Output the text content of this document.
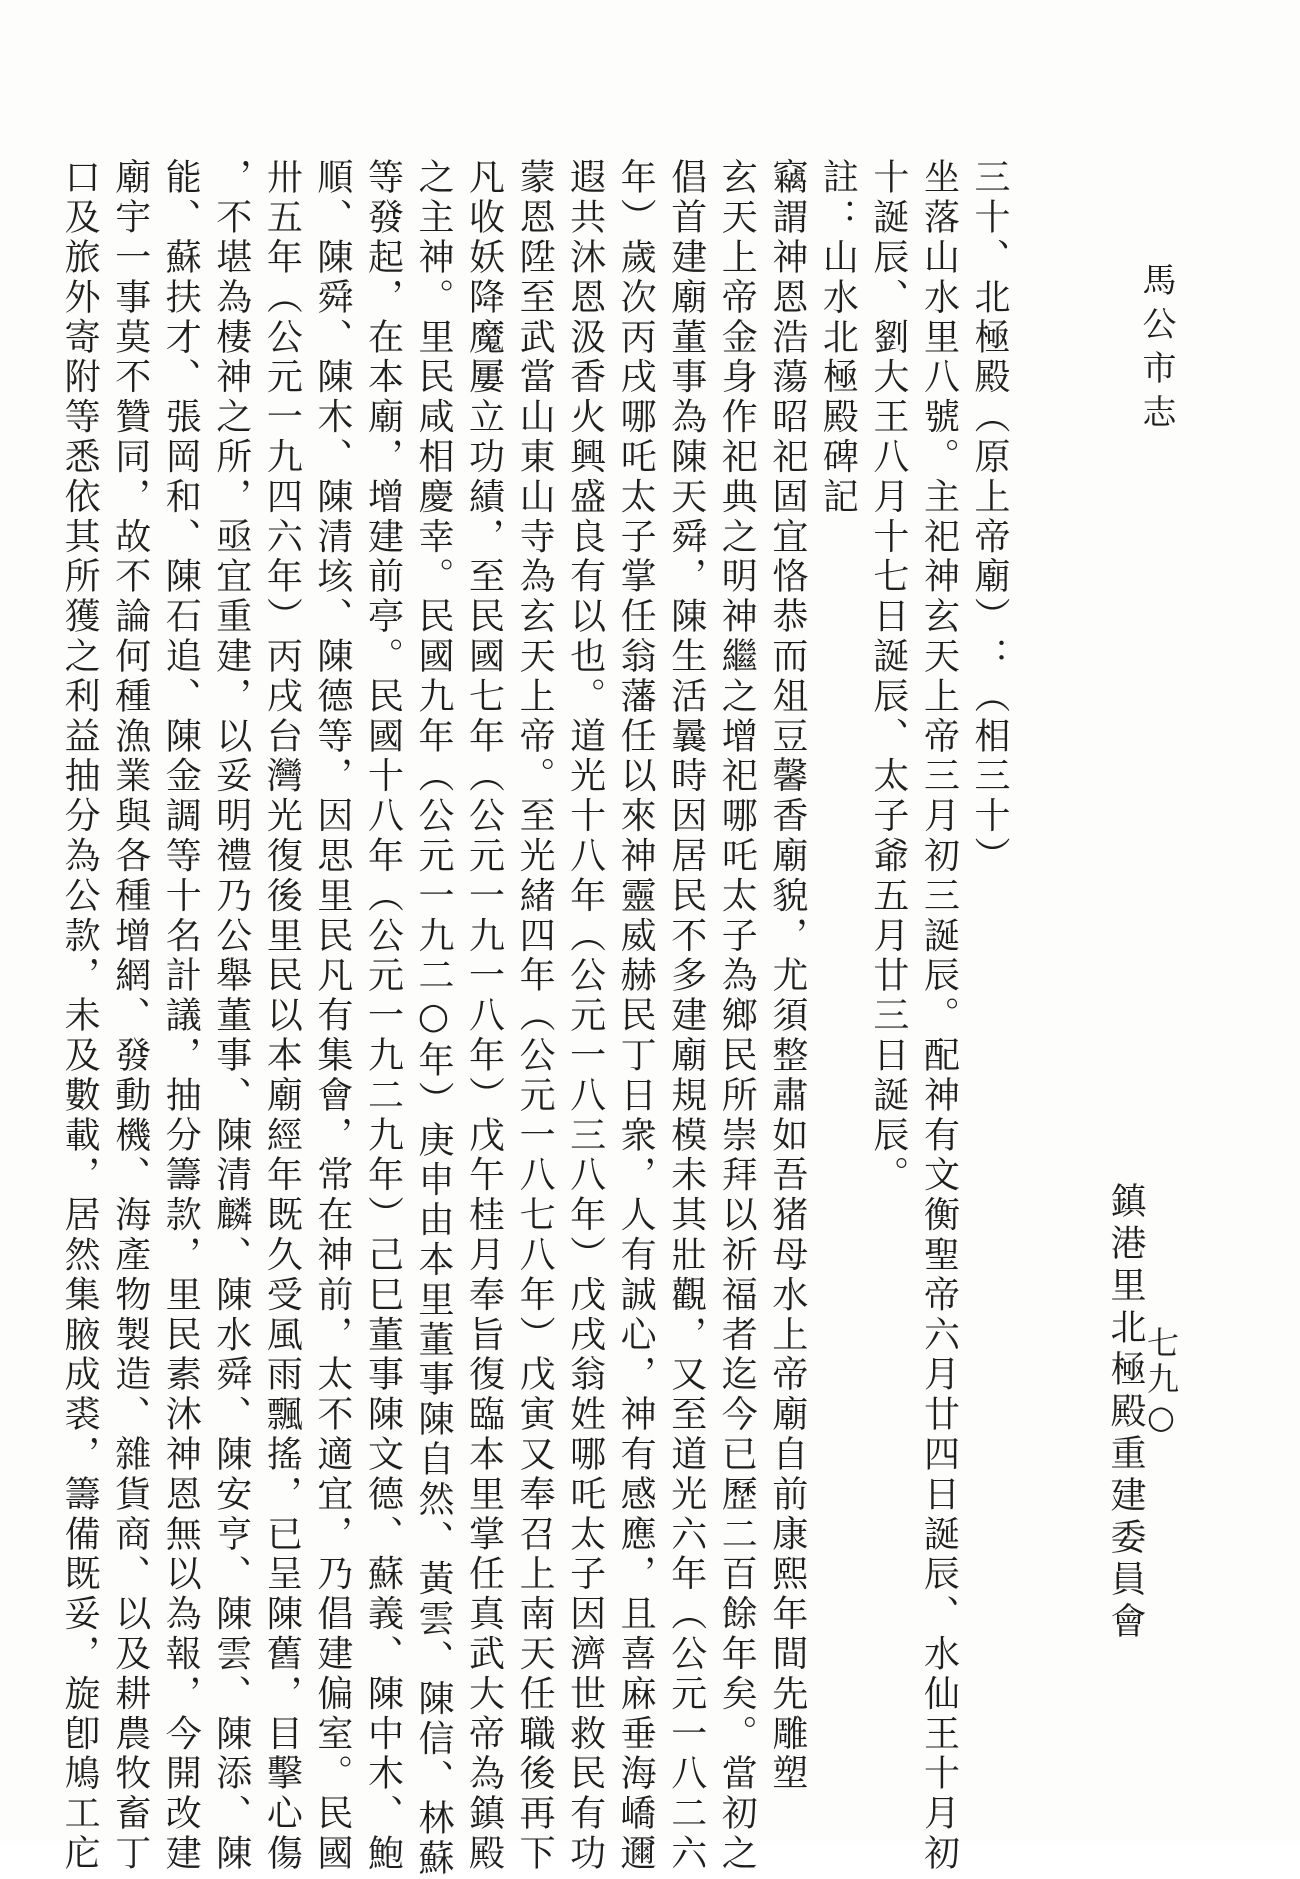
馬公市志
鎮港里北極殿重建委員會
七九○
三十、北極殿（原上帝廟）：（相三十）
坐落山水里八號。主祀神玄天上帝三月初三誕辰。配神有文衡聖帝六月廿四日誕辰、水仙王十月初
十誕辰、劉大王八月十七日誕辰、太子爺五月廿三日誕辰。
註：山水北極殿碑記
竊謂神恩浩蕩昭祀固宜恪恭而俎豆馨香廟貌，尤須整肅如吾猪母水上帝廟自前康熙年間先雕塑
玄天上帝金身作祀典之明神繼之增祀哪吒太子為鄉民所崇拜以祈福者迄今已歷二百餘年矣。當初之
倡首建廟董事為陳天舜，陳生活曩時因居民不多建廟規模未其壯觀，又至道光六年（公元一八二六
年）歲次丙戌哪吒太子掌任翁藩任以來神靈威赫民丁日衆，人有誠心，神有感應，且喜麻垂海嶠邇
遐共沐恩汲香火興盛良有以也。道光十八年（公元一八三八年）戊戌翁姓哪吒太子因濟世救民有功
蒙恩陞至武當山東山寺為玄天上帝。至光緒四年（公元一八七八年）戊寅又奉召上南天任職後再下
凡收妖降魔屢立功績，至民國七年（公元一九一八年）戊午桂月奉旨復臨本里掌任真武大帝為鎮殿
之主神。里民咸相慶幸。民國九年（公元一九二○年）庚申由本里董事陳自然、黃雲、陳信、林蘇
等發起，在本廟，增建前亭。民國十八年（公元一九二九年）己巳董事陳文德、蘇義、陳中木、鮑
順、陳舜、陳木、陳清垓、陳德等，因思里民凡有集會，常在神前，太不適宜，乃倡建偏室。民國
卅五年（公元一九四六年）丙戌台灣光復後里民以本廟經年既久受風雨飄搖，已呈陳舊，目擊心傷
，不堪為棲神之所，亟宜重建，以妥明禮乃公舉董事、陳清麟、陳水舜、陳安亨、陳雲、陳添、陳
能、蘇扶才、張岡和、陳石追、陳金調等十名計議，抽分籌款，里民素沐神恩無以為報，今開改建
廟宇一事莫不贊同，故不論何種漁業與各種增網、發動機、海產物製造、雜貨商、以及耕農牧畜丁
口及旅外寄附等悉依其所獲之利益抽分為公款，未及數載，居然集腋成裘，籌備既妥，旋卽鳩工庀
